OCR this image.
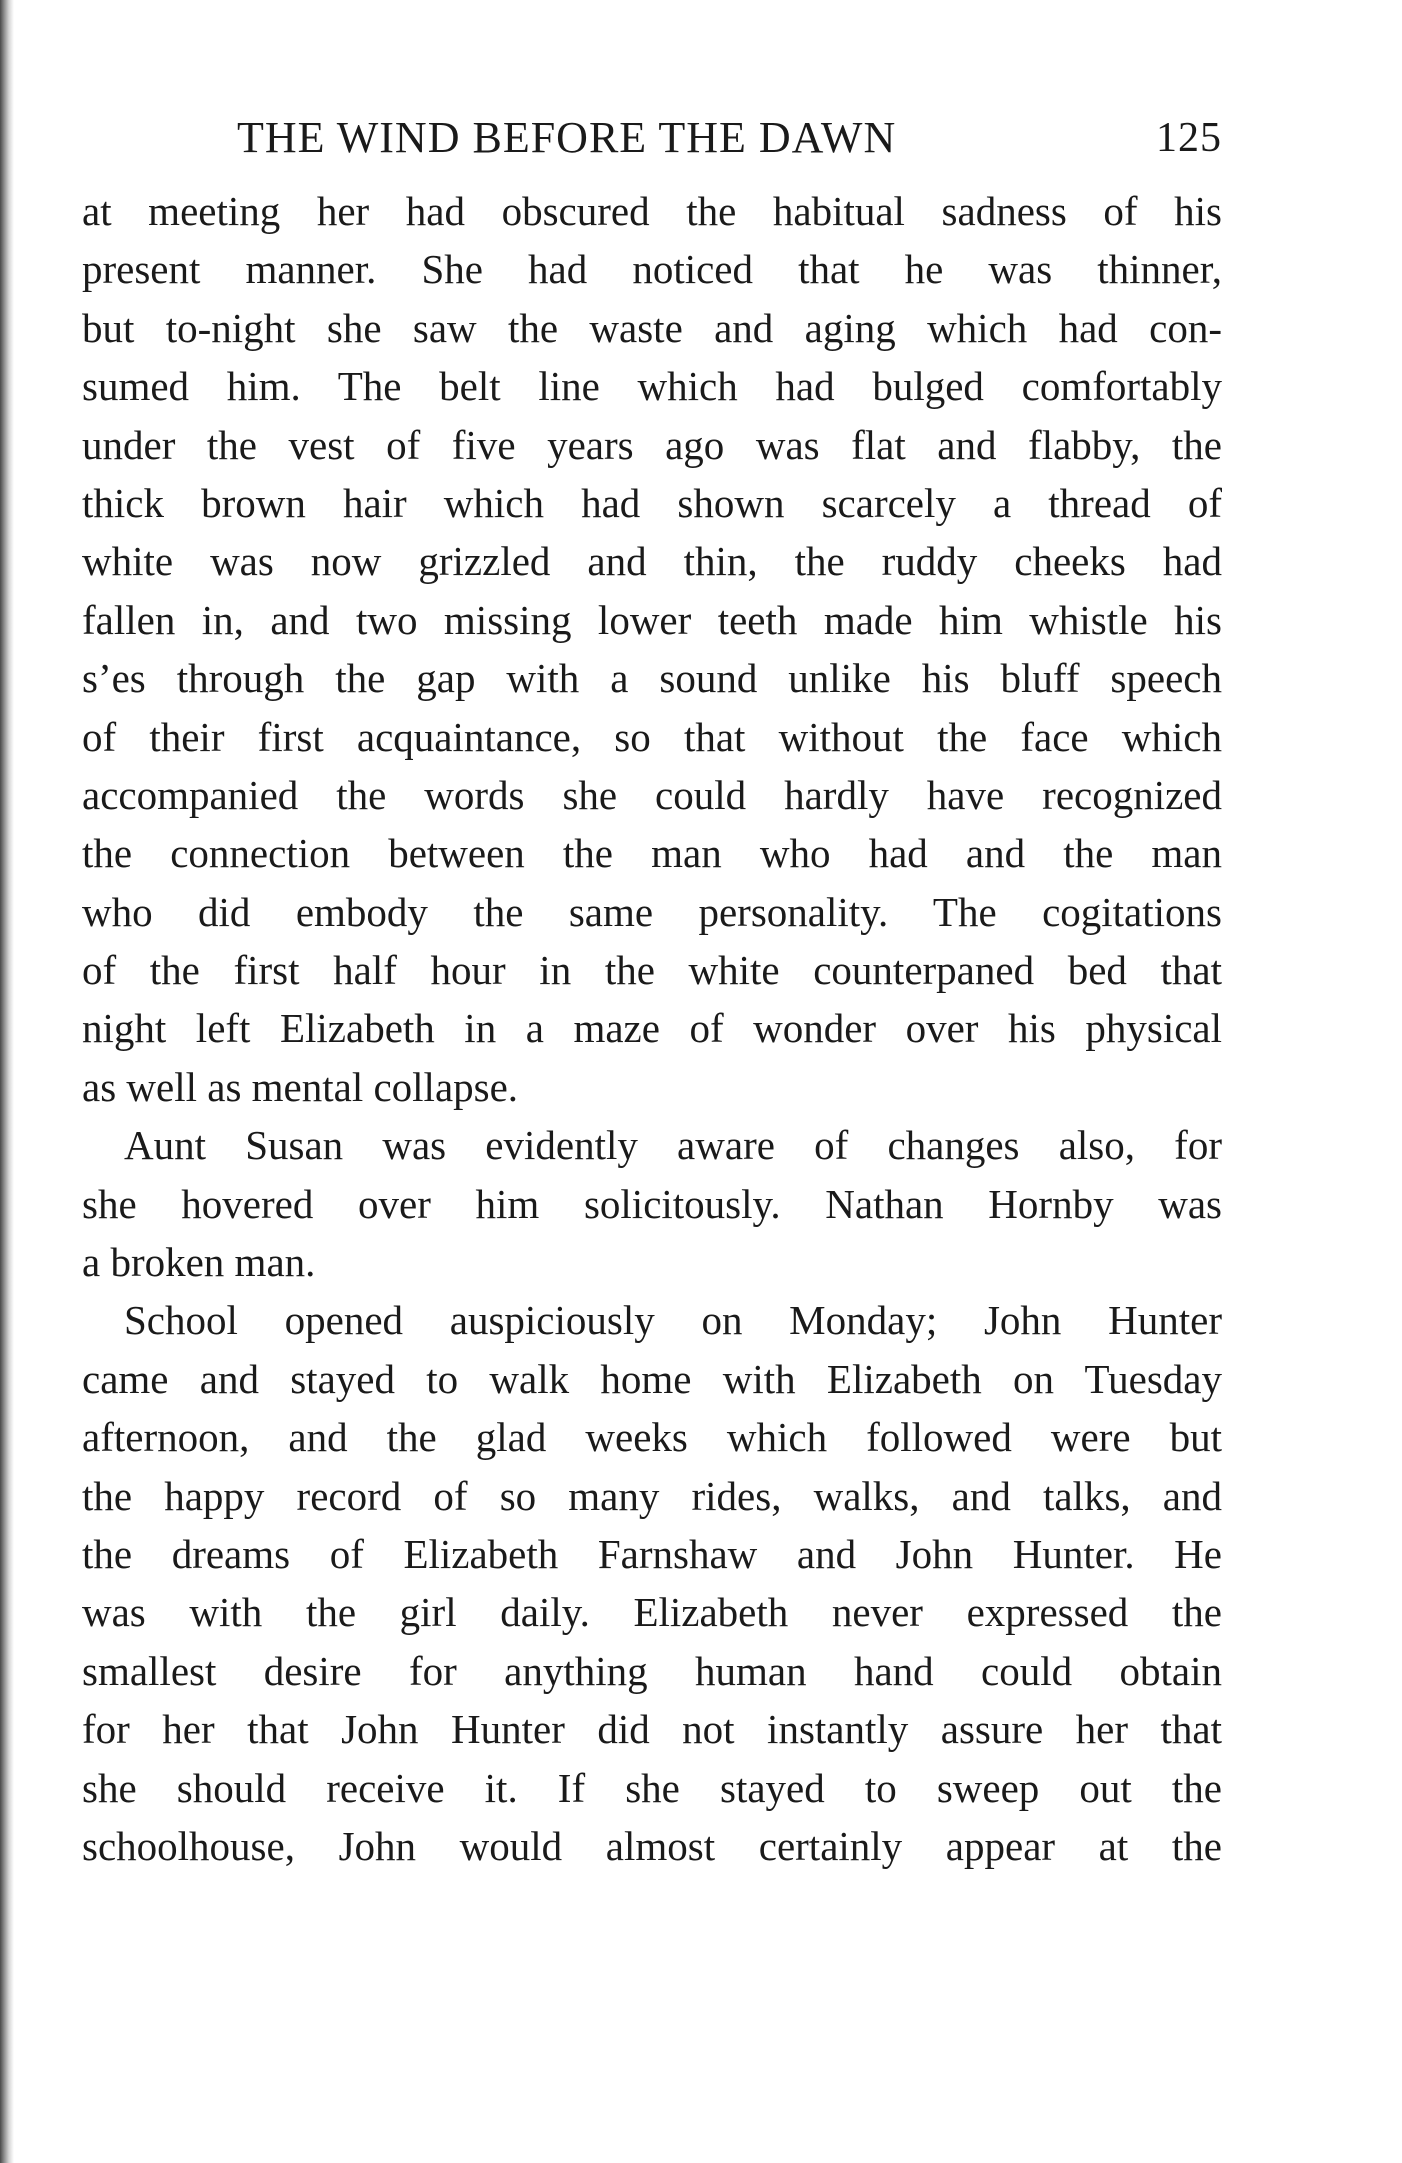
THE WIND BEFORE THE DAWN	125

at meeting her had obscured the habitual sadness of his
present manner. She had noticed that he was thinner,
but to-night she saw the waste and aging which had con-
sumed him. The belt line which had bulged comfortably
under the vest of five years ago was flat and flabby, the
thick brown hair which had shown scarcely a thread of
white was now grizzled and thin, the ruddy cheeks had
fallen in, and two missing lower teeth made him whistle his
s’es through the gap with a sound unlike his bluff speech
of their first acquaintance, so that without the face which
accompanied the words she could hardly have recognized
the connection between the man who had and the man
who did embody the same personality. The cogitations
of the first half hour in the white counterpaned bed that
night left Elizabeth in a maze of wonder over his physical
as well as mental collapse.

Aunt Susan was evidently aware of changes also, for
she hovered over him solicitously. Nathan Hornby was
a broken man.

School opened auspiciously on Monday; John Hunter
came and stayed to walk home with Elizabeth on Tuesday
afternoon, and the glad weeks which followed were but
the happy record of so many rides, walks, and talks, and
the dreams of Elizabeth Farnshaw and John Hunter. He
was with the girl daily. Elizabeth never expressed the
smallest desire for anything human hand could obtain
for her that John Hunter did not instantly assure her that
she should receive it. If she stayed to sweep out the
schoolhouse, John would almost certainly appear at the
